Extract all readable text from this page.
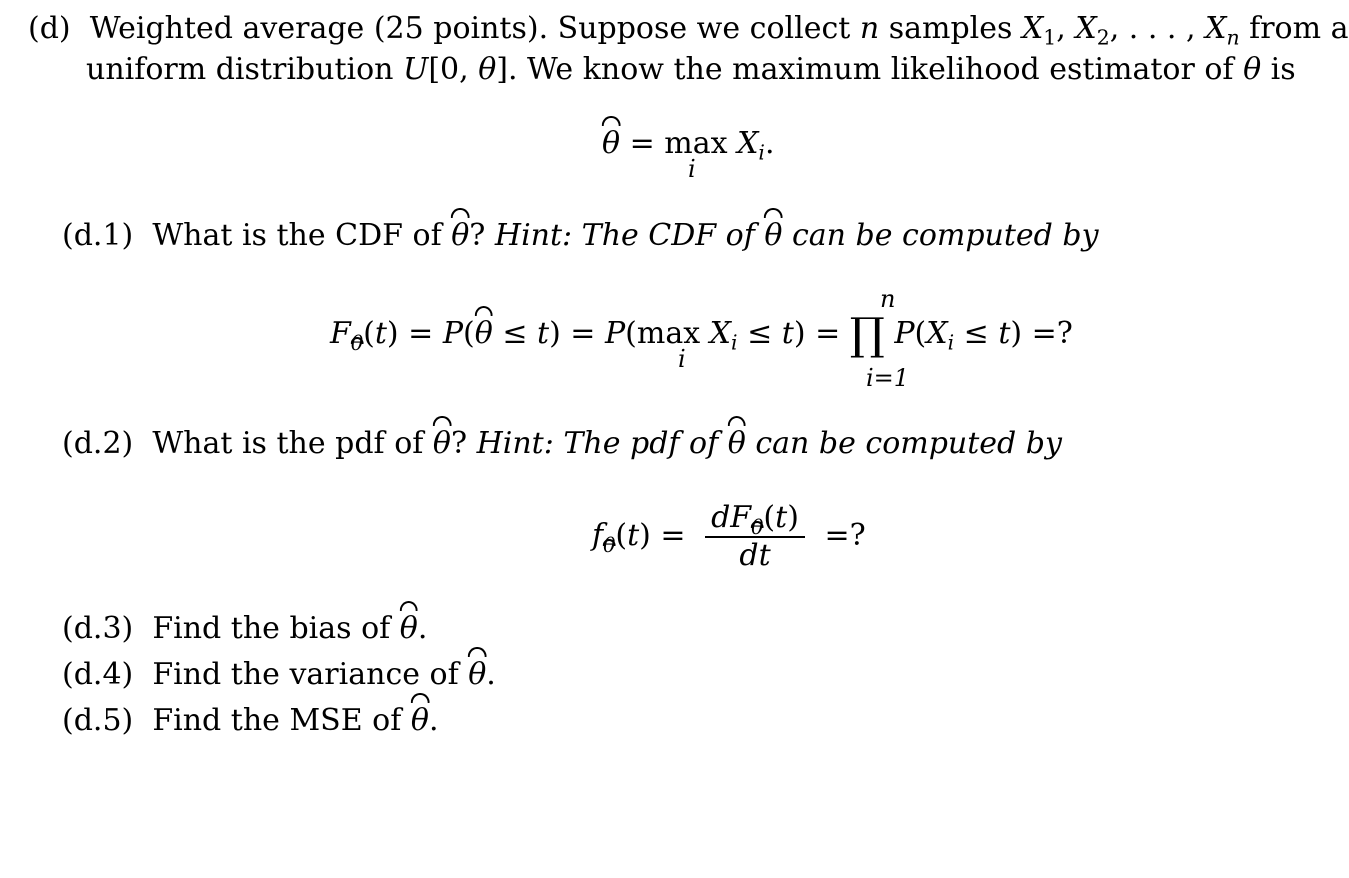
(d)  Weighted average (25 points). Suppose we collect n samples $X_1$, $X_2$, . . . , $X_n$ from a
uniform distribution U[0, θ]. We know the maximum likelihood estimator of θ is
$\theta = \max X_i$.
i
(d.1)  What is the CDF of θ? Hint: The CDF of θ can be computed by
n
$F_\theta(t) = P(\theta \le t) = P(\max$ $X_i \le t$) = ∏ $P(X_i \le t)$ =?
i
i=1
(d.2)  What is the pdf of θ? Hint: The pdf of θ can be computed by
$f_\theta(t) = \frac{dF_\theta(t)}{dt}$ =?
(d.3)  Find the bias of θ.
(d.4)  Find the variance of θ.
(d.5)  Find the MSE of θ.
